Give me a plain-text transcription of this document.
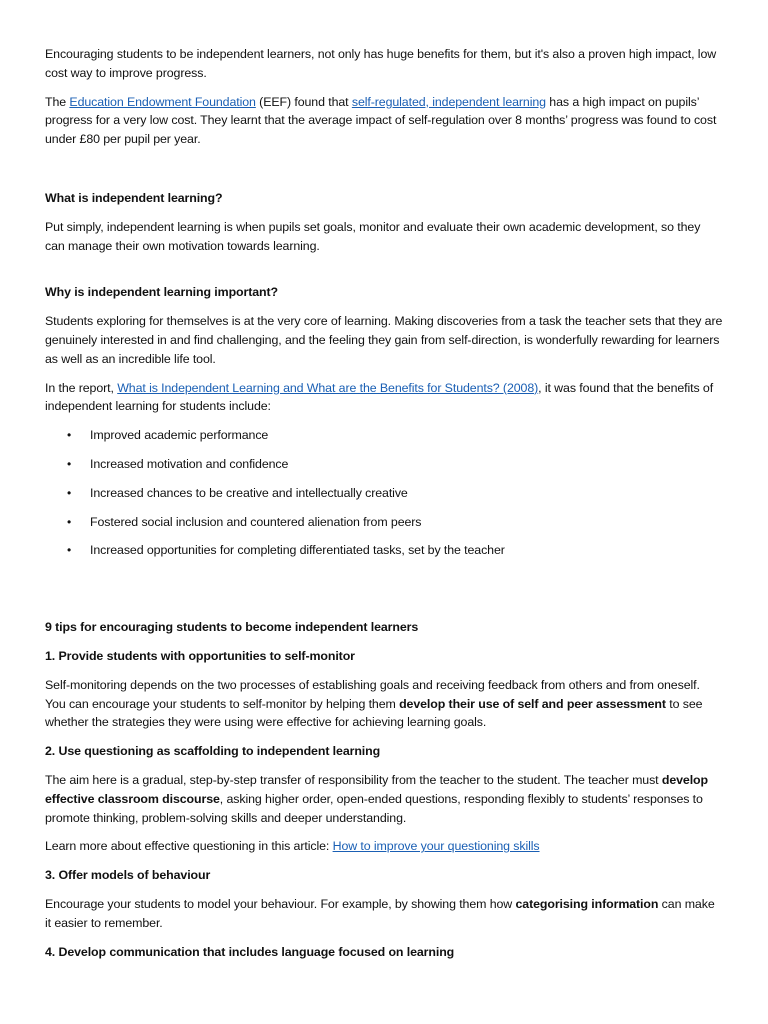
Encouraging students to be independent learners, not only has huge benefits for them, but it's also a proven high impact, low cost way to improve progress.

The Education Endowment Foundation (EEF) found that self-regulated, independent learning has a high impact on pupils’ progress for a very low cost. They learnt that the average impact of self-regulation over 8 months’ progress was found to cost under £80 per pupil per year.

What is independent learning?

Put simply, independent learning is when pupils set goals, monitor and evaluate their own academic development, so they can manage their own motivation towards learning.

Why is independent learning important?

Students exploring for themselves is at the very core of learning. Making discoveries from a task the teacher sets that they are genuinely interested in and find challenging, and the feeling they gain from self-direction, is wonderfully rewarding for learners as well as an incredible life tool.

In the report, What is Independent Learning and What are the Benefits for Students? (2008), it was found that the benefits of independent learning for students include:

• Improved academic performance
• Increased motivation and confidence
• Increased chances to be creative and intellectually creative
• Fostered social inclusion and countered alienation from peers
• Increased opportunities for completing differentiated tasks, set by the teacher

9 tips for encouraging students to become independent learners

1. Provide students with opportunities to self-monitor

Self-monitoring depends on the two processes of establishing goals and receiving feedback from others and from oneself. You can encourage your students to self-monitor by helping them develop their use of self and peer assessment to see whether the strategies they were using were effective for achieving learning goals.

2. Use questioning as scaffolding to independent learning

The aim here is a gradual, step-by-step transfer of responsibility from the teacher to the student. The teacher must develop effective classroom discourse, asking higher order, open-ended questions, responding flexibly to students’ responses to promote thinking, problem-solving skills and deeper understanding.

Learn more about effective questioning in this article: How to improve your questioning skills

3. Offer models of behaviour

Encourage your students to model your behaviour. For example, by showing them how categorising information can make it easier to remember.

4. Develop communication that includes language focused on learning
